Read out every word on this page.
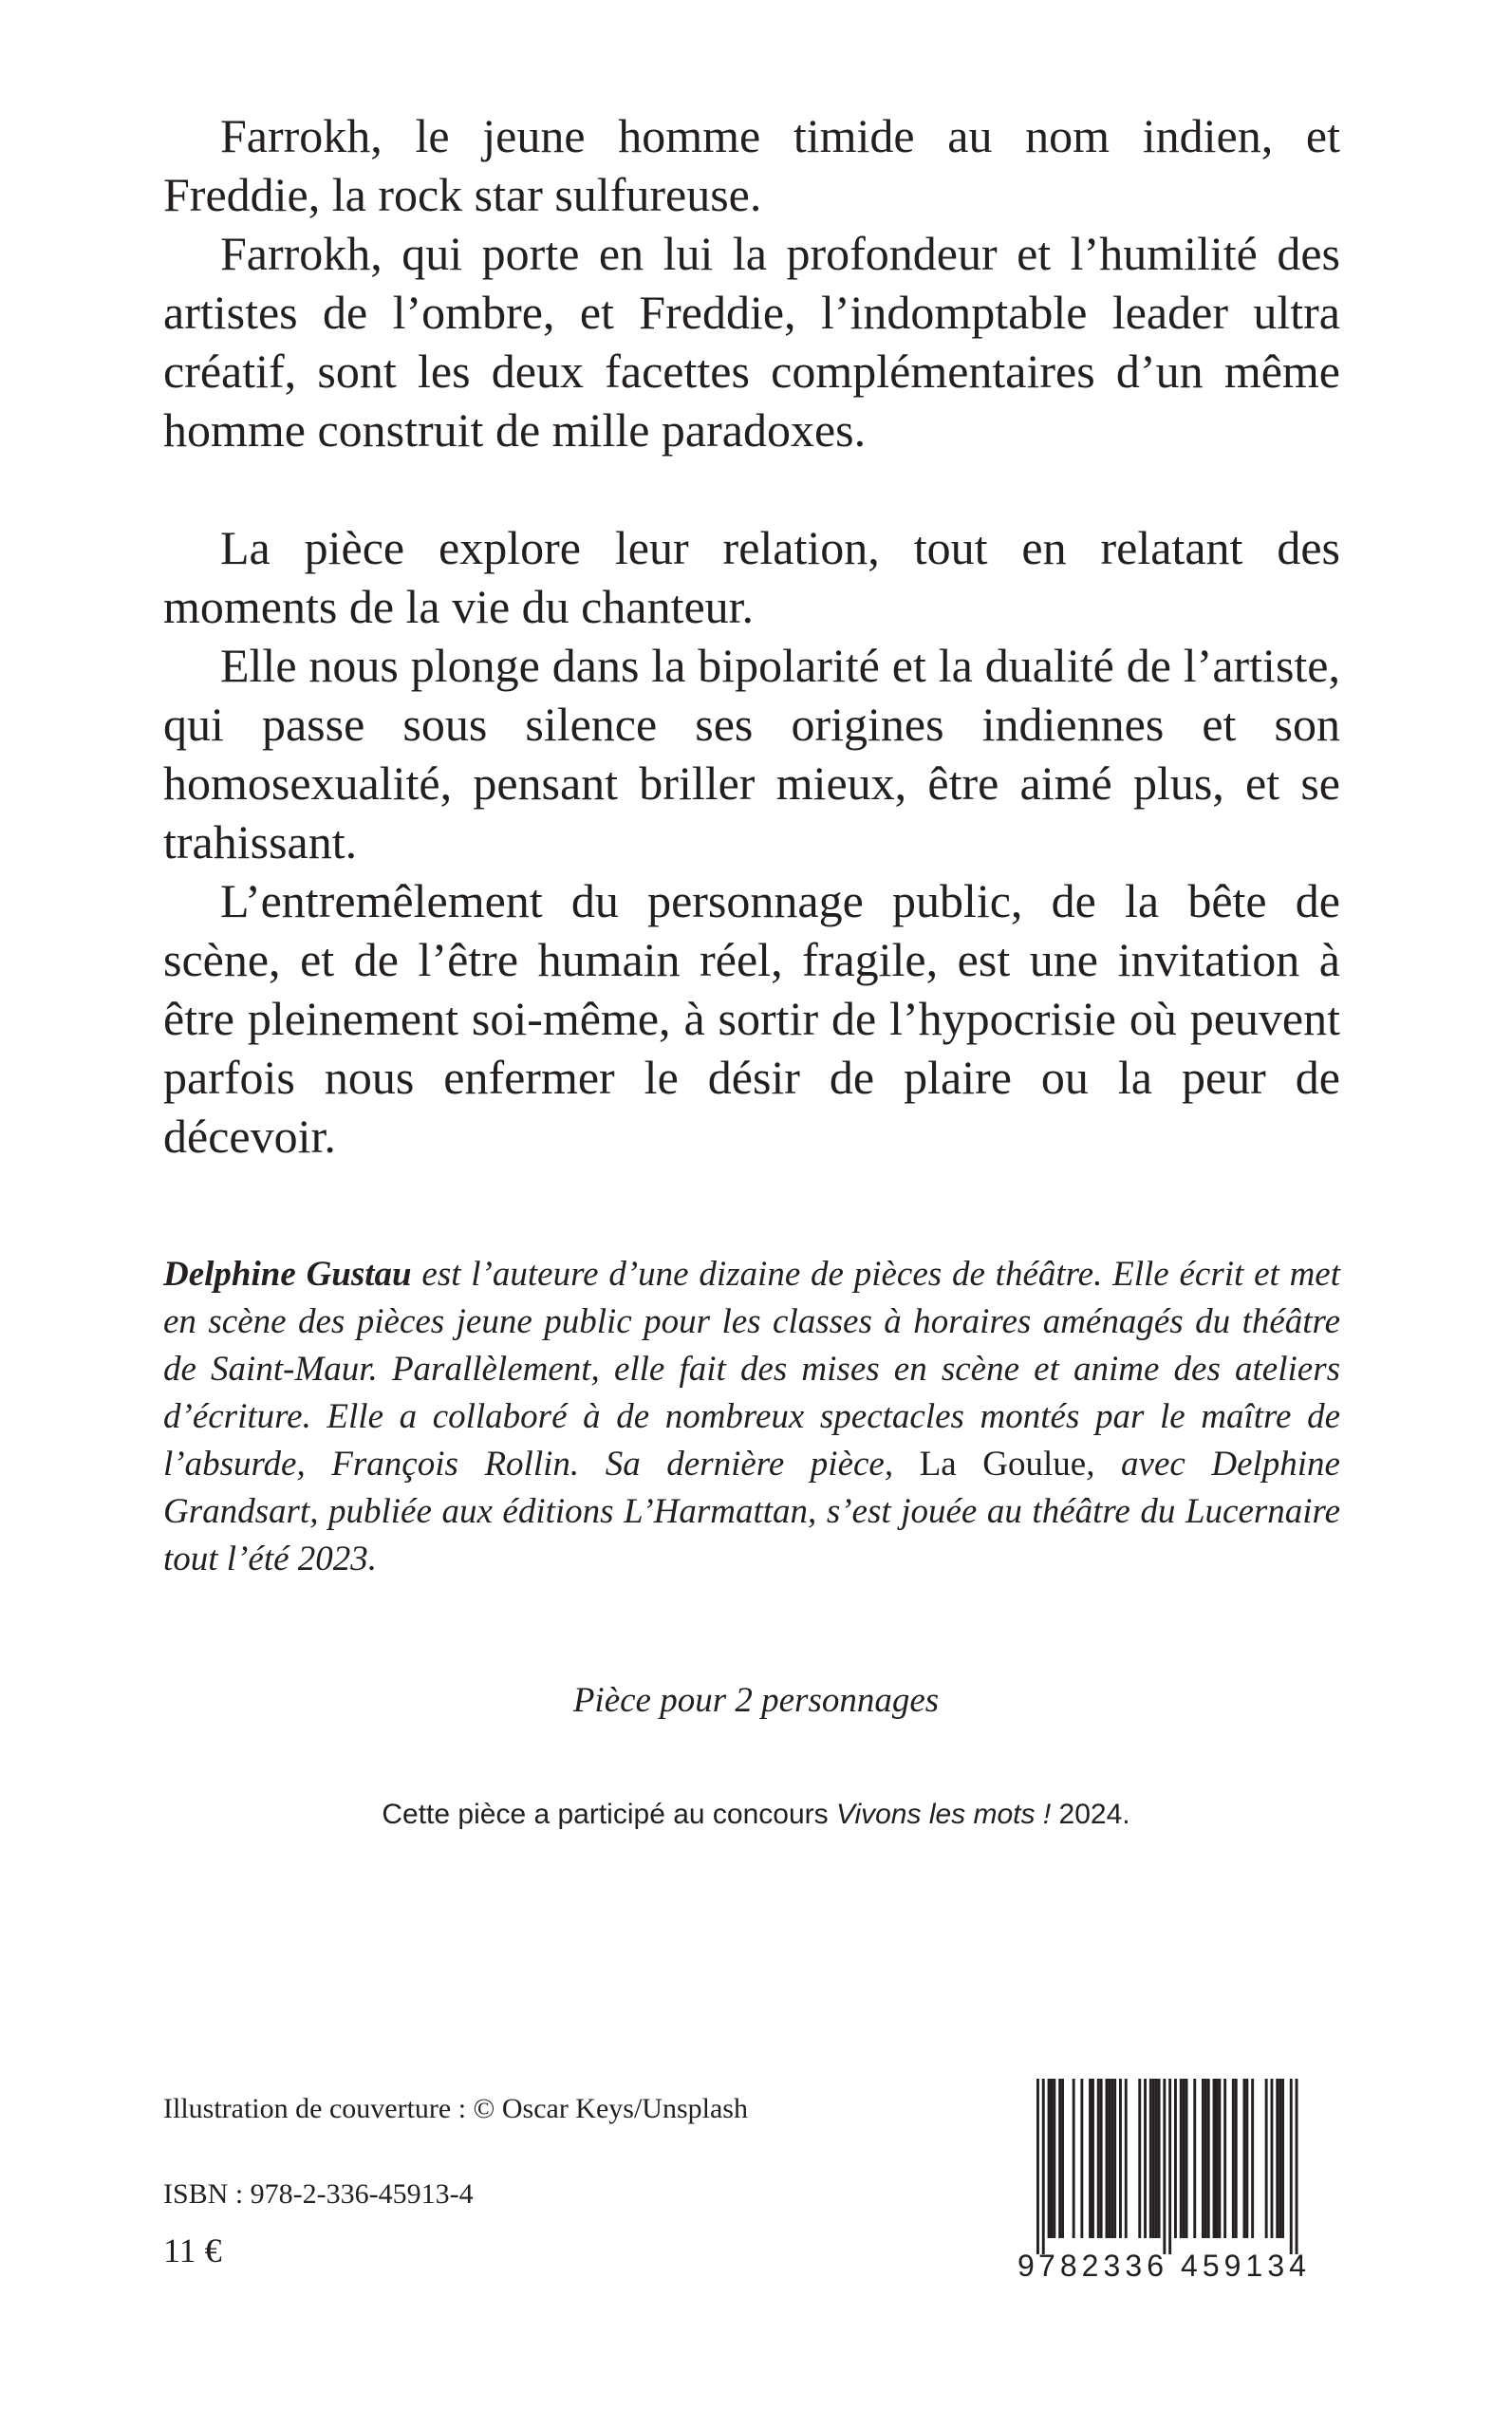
Farrokh, le jeune homme timide au nom indien, et Freddie, la rock star sulfureuse.

Farrokh, qui porte en lui la profondeur et l’humilité des artistes de l’ombre, et Freddie, l’indomptable leader ultra créatif, sont les deux facettes complémentaires d’un même homme construit de mille paradoxes.

La pièce explore leur relation, tout en relatant des moments de la vie du chanteur.

Elle nous plonge dans la bipolarité et la dualité de l’artiste, qui passe sous silence ses origines indiennes et son homosexualité, pensant briller mieux, être aimé plus, et se trahissant.

L’entremêlement du personnage public, de la bête de scène, et de l’être humain réel, fragile, est une invitation à être pleinement soi-même, à sortir de l’hypocrisie où peuvent parfois nous enfermer le désir de plaire ou la peur de décevoir.

Delphine Gustau est l’auteure d’une dizaine de pièces de théâtre. Elle écrit et met en scène des pièces jeune public pour les classes à horaires aménagés du théâtre de Saint-Maur. Parallèlement, elle fait des mises en scène et anime des ateliers d’écriture. Elle a collaboré à de nombreux spectacles montés par le maître de l’absurde, François Rollin. Sa dernière pièce, La Goulue, avec Delphine Grandsart, publiée aux éditions L’Harmattan, s’est jouée au théâtre du Lucernaire tout l’été 2023.
Pièce pour 2 personnages
Cette pièce a participé au concours Vivons les mots ! 2024.
Illustration de couverture : © Oscar Keys/Unsplash
ISBN : 978-2-336-45913-4
11 €	9 782336 459134
